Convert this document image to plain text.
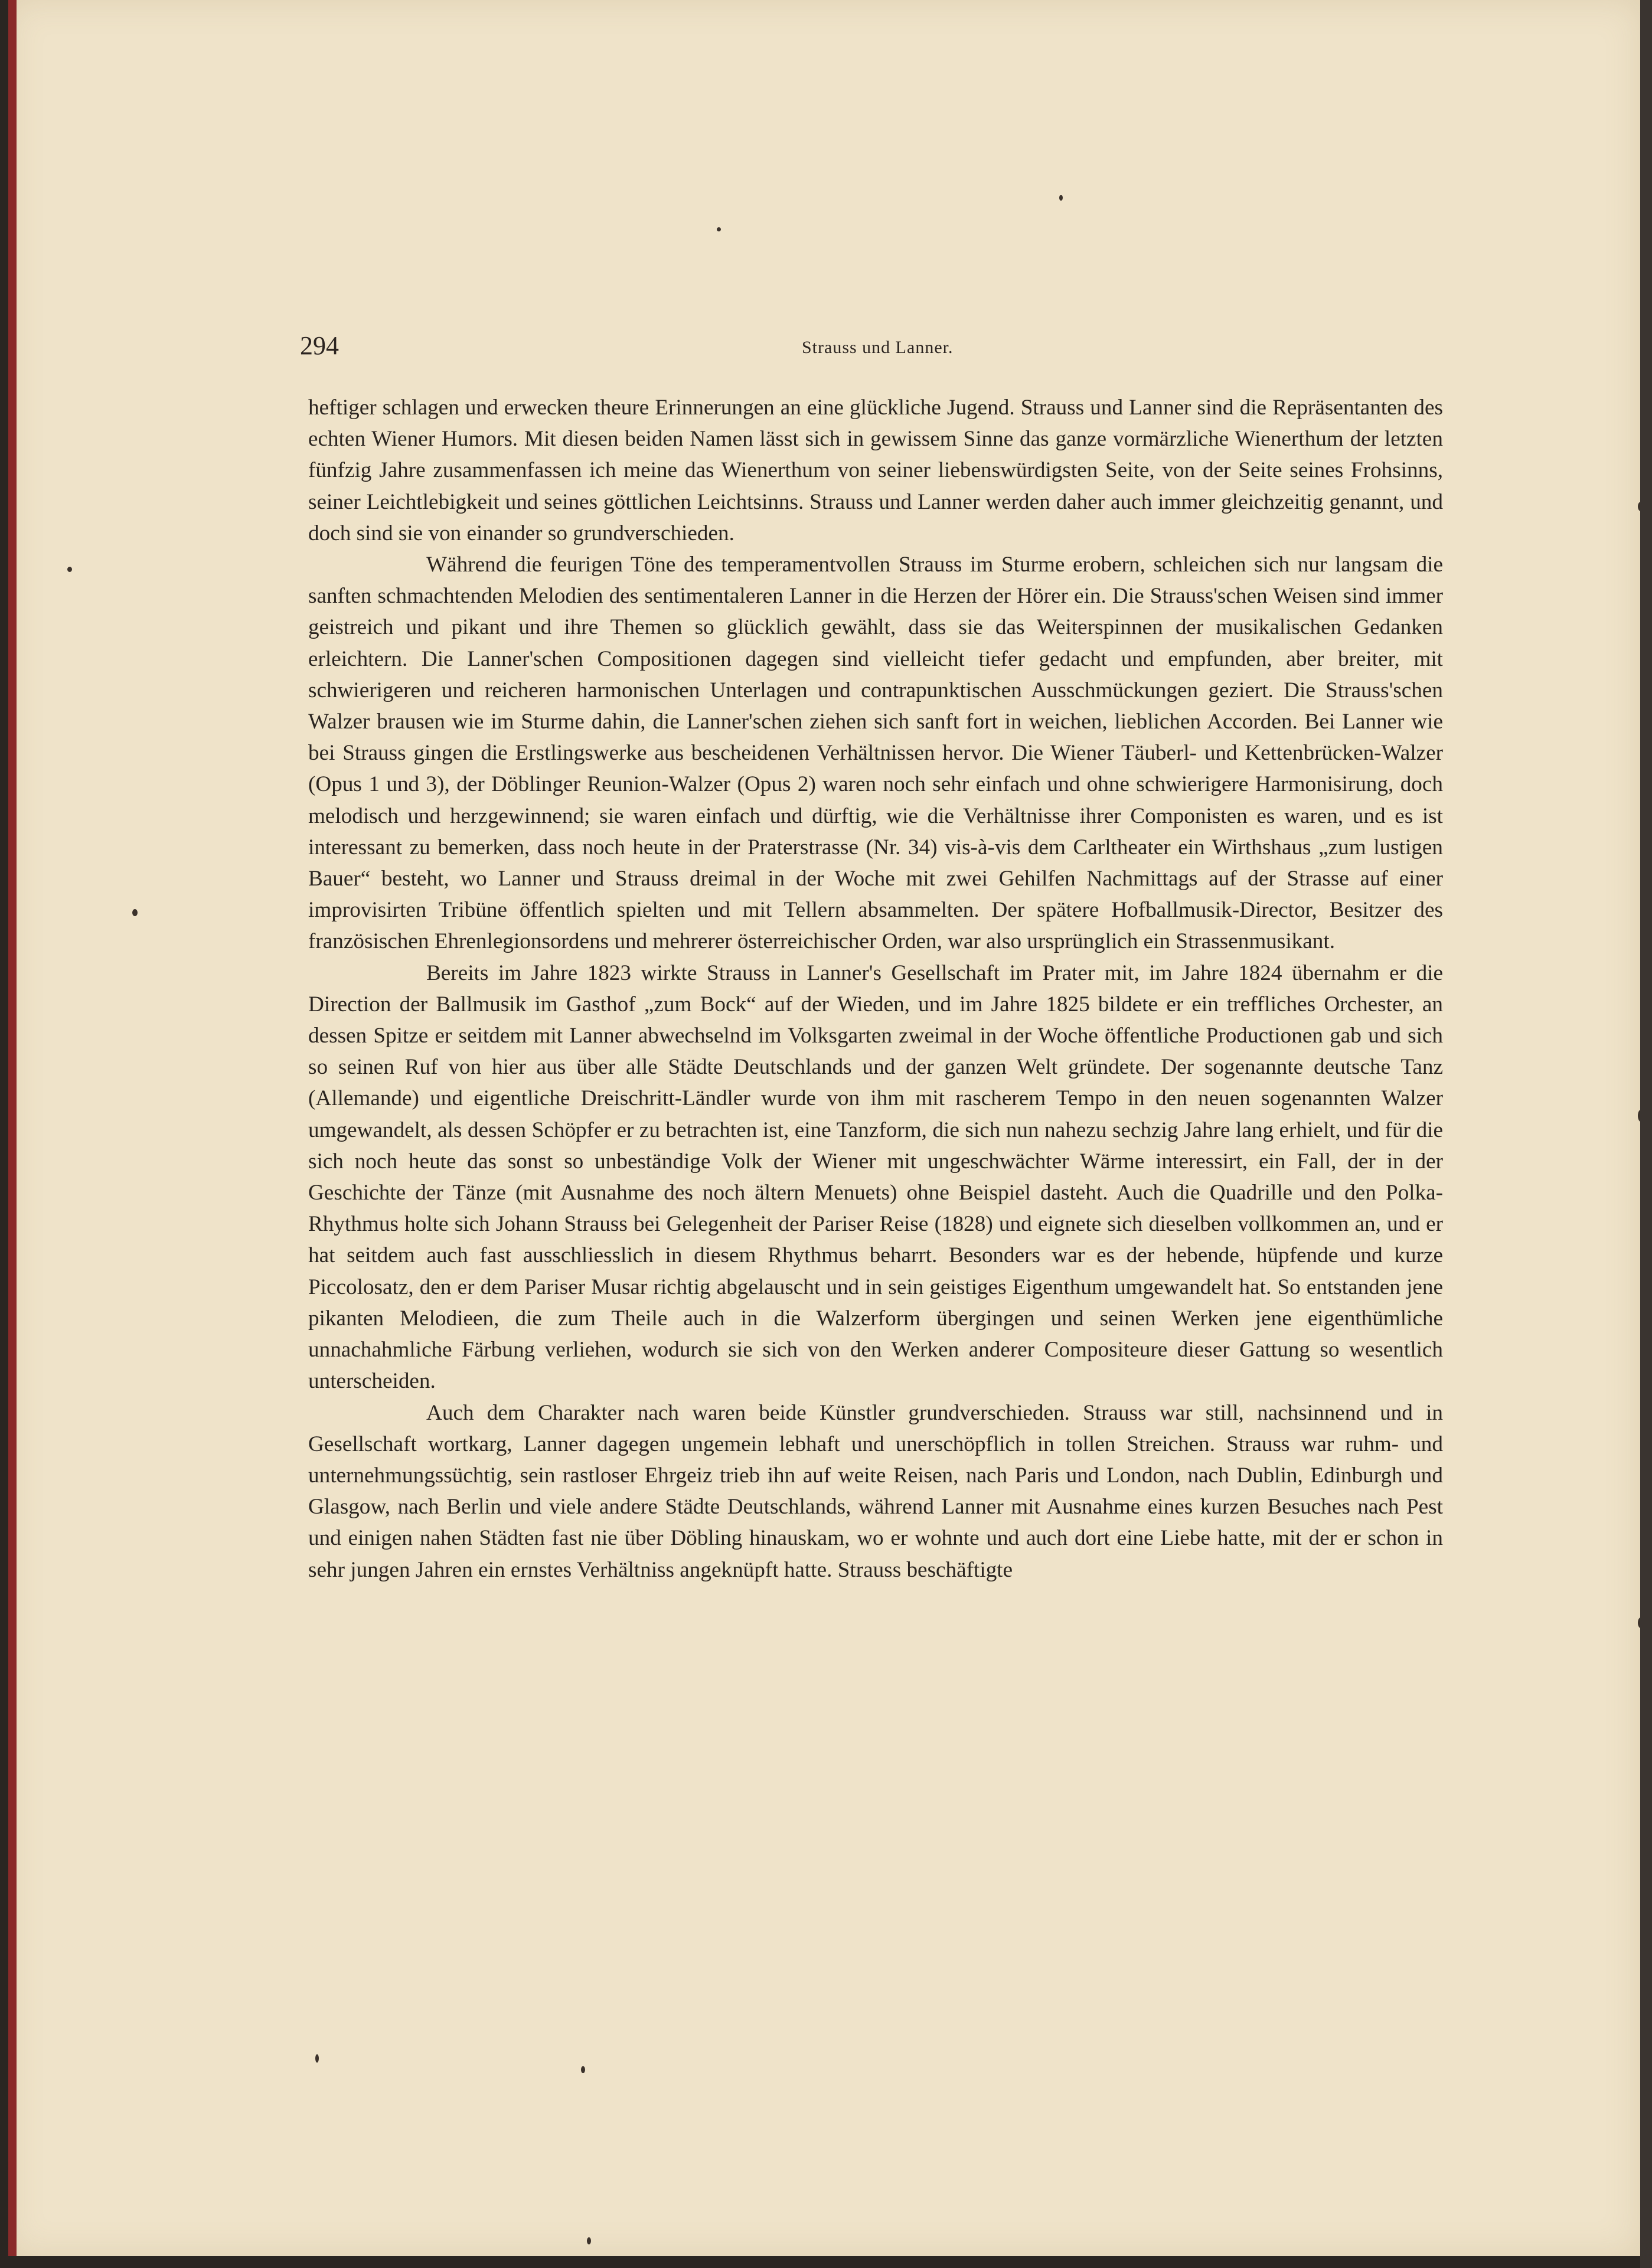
294	Strauss und Lanner.

heftiger schlagen und erwecken theure Erinnerungen an eine glückliche Jugend. Strauss und Lanner sind die Repräsentanten des echten Wiener Humors. Mit diesen beiden Namen lässt sich in gewissem Sinne das ganze vormärzliche Wienerthum der letzten fünfzig Jahre zusammenfassen ich meine das Wienerthum von seiner liebenswürdigsten Seite, von der Seite seines Frohsinns, seiner Leichtlebigkeit und seines göttlichen Leichtsinns. Strauss und Lanner werden daher auch immer gleichzeitig genannt, und doch sind sie von einander so grundverschieden.

Während die feurigen Töne des temperamentvollen Strauss im Sturme erobern, schleichen sich nur langsam die sanften schmachtenden Melodien des sentimentaleren Lanner in die Herzen der Hörer ein. Die Strauss'schen Weisen sind immer geistreich und pikant und ihre Themen so glücklich gewählt, dass sie das Weiterspinnen der musikalischen Gedanken erleichtern. Die Lanner'schen Compositionen dagegen sind vielleicht tiefer gedacht und empfunden, aber breiter, mit schwierigeren und reicheren harmonischen Unterlagen und contrapunktischen Ausschmückungen geziert. Die Strauss'schen Walzer brausen wie im Sturme dahin, die Lanner'schen ziehen sich sanft fort in weichen, lieblichen Accorden. Bei Lanner wie bei Strauss gingen die Erstlingswerke aus bescheidenen Verhältnissen hervor. Die Wiener Täuberl- und Kettenbrücken-Walzer (Opus 1 und 3), der Döblinger Reunion-Walzer (Opus 2) waren noch sehr einfach und ohne schwierigere Harmonisirung, doch melodisch und herzgewinnend; sie waren einfach und dürftig, wie die Verhältnisse ihrer Componisten es waren, und es ist interessant zu bemerken, dass noch heute in der Praterstrasse (Nr. 34) vis-à-vis dem Carltheater ein Wirthshaus „zum lustigen Bauer“ besteht, wo Lanner und Strauss dreimal in der Woche mit zwei Gehilfen Nachmittags auf der Strasse auf einer improvisirten Tribüne öffentlich spielten und mit Tellern absammelten. Der spätere Hofballmusik-Director, Besitzer des französischen Ehrenlegionsordens und mehrerer österreichischer Orden, war also ursprünglich ein Strassenmusikant.

Bereits im Jahre 1823 wirkte Strauss in Lanner's Gesellschaft im Prater mit, im Jahre 1824 übernahm er die Direction der Ballmusik im Gasthof „zum Bock“ auf der Wieden, und im Jahre 1825 bildete er ein treffliches Orchester, an dessen Spitze er seitdem mit Lanner abwechselnd im Volksgarten zweimal in der Woche öffentliche Productionen gab und sich so seinen Ruf von hier aus über alle Städte Deutschlands und der ganzen Welt gründete. Der sogenannte deutsche Tanz (Allemande) und eigentliche Dreischritt-Ländler wurde von ihm mit rascherem Tempo in den neuen sogenannten Walzer umgewandelt, als dessen Schöpfer er zu betrachten ist, eine Tanzform, die sich nun nahezu sechzig Jahre lang erhielt, und für die sich noch heute das sonst so unbeständige Volk der Wiener mit ungeschwächter Wärme interessirt, ein Fall, der in der Geschichte der Tänze (mit Ausnahme des noch ältern Menuets) ohne Beispiel dasteht. Auch die Quadrille und den Polka-Rhythmus holte sich Johann Strauss bei Gelegenheit der Pariser Reise (1828) und eignete sich dieselben vollkommen an, und er hat seitdem auch fast ausschliesslich in diesem Rhythmus beharrt. Besonders war es der hebende, hüpfende und kurze Piccolosatz, den er dem Pariser Musar richtig abgelauscht und in sein geistiges Eigenthum umgewandelt hat. So entstanden jene pikanten Melodieen, die zum Theile auch in die Walzerform übergingen und seinen Werken jene eigenthümliche unnachahmliche Färbung verliehen, wodurch sie sich von den Werken anderer Compositeure dieser Gattung so wesentlich unterscheiden.

Auch dem Charakter nach waren beide Künstler grundverschieden. Strauss war still, nachsinnend und in Gesellschaft wortkarg, Lanner dagegen ungemein lebhaft und unerschöpflich in tollen Streichen. Strauss war ruhm- und unternehmungssüchtig, sein rastloser Ehrgeiz trieb ihn auf weite Reisen, nach Paris und London, nach Dublin, Edinburgh und Glasgow, nach Berlin und viele andere Städte Deutschlands, während Lanner mit Ausnahme eines kurzen Besuches nach Pest und einigen nahen Städten fast nie über Döbling hinauskam, wo er wohnte und auch dort eine Liebe hatte, mit der er schon in sehr jungen Jahren ein ernstes Verhältniss angeknüpft hatte. Strauss beschäftigte
